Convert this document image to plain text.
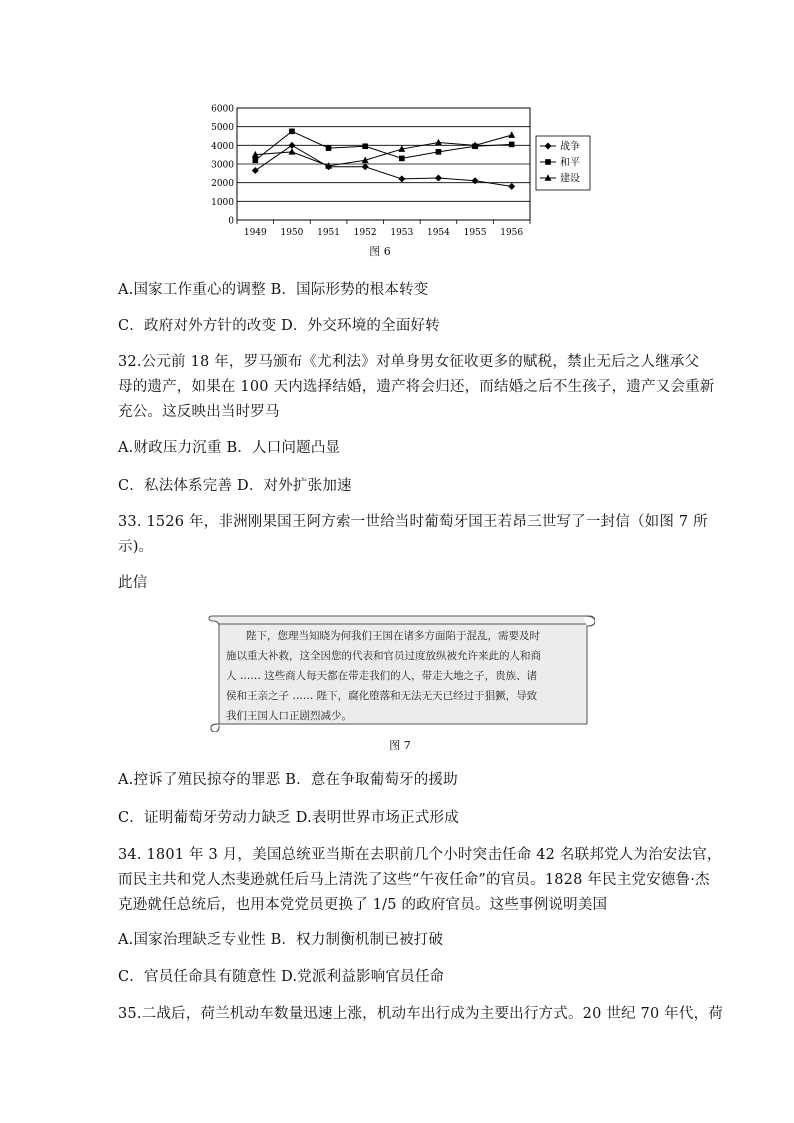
0
1000
2000
3000
4000
5000
6000
1949 1950 1951 1952 1953 1954 1955 1956
战争
和平
建设
图 6
A.国家工作重心的调整 B．国际形势的根本转变
C．政府对外方针的改变 D．外交环境的全面好转
32.公元前 18 年，罗马颁布《尤利法》对单身男女征收更多的赋税，禁止无后之人继承父
母的遗产，如果在 100 天内选择结婚，遗产将会归还，而结婚之后不生孩子，遗产又会重新
充公。这反映出当时罗马
A.财政压力沉重 B．人口问题凸显
C．私法体系完善 D．对外扩张加速
33. 1526 年，非洲刚果国王阿方索一世给当时葡萄牙国王若昂三世写了一封信（如图 7 所
示)。
此信
陛下，您理当知晓为何我们王国在诸多方面陷于混乱，需要及时
施以重大补救，这全因您的代表和官员过度放纵被允许来此的人和商
人 …… 这些商人每天都在带走我们的人，带走大地之子，贵族、诸
侯和王亲之子 …… 陛下，腐化堕落和无法无天已经过于猖獗，导致
我们王国人口正剧烈减少。
图 7
A.控诉了殖民掠夺的罪恶 B．意在争取葡萄牙的援助
C．证明葡萄牙劳动力缺乏 D.表明世界市场正式形成
34. 1801 年 3 月，美国总统亚当斯在去职前几个小时突击任命 42 名联邦党人为治安法官，
而民主共和党人杰斐逊就任后马上清洗了这些“午夜任命”的官员。1828 年民主党安德鲁·杰
克逊就任总统后，也用本党党员更换了 1/5 的政府官员。这些事例说明美国
A.国家治理缺乏专业性 B．权力制衡机制已被打破
C．官员任命具有随意性 D.党派利益影响官员任命
35.二战后，荷兰机动车数量迅速上涨，机动车出行成为主要出行方式。20 世纪 70 年代，荷
